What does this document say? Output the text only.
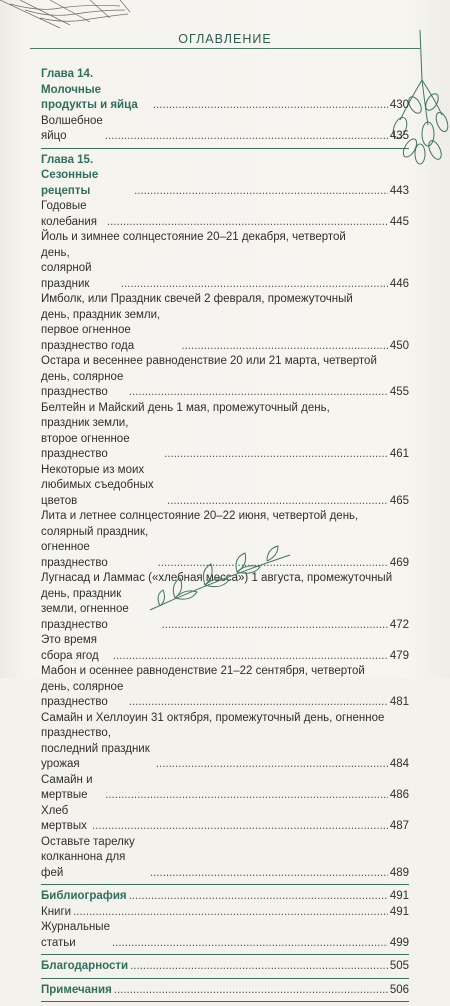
ОГЛАВЛЕНИЕ
Глава 14. Молочные продукты и яйца .....	430
Волшебное яйцо .....	435
Глава 15. Сезонные рецепты .....	443
Годовые колебания .....	445
Йоль и зимнее солнцестояние 20–21 декабря, четвертой
день, солярной праздник .....	446
Имболк, или Праздник свечей 2 февраля, промежуточный
день, праздник земли, первое огненное празднество года .....	450
Остара и весеннее равноденствие 20 или 21 марта, четвертой
день, солярное празднество .....	455
Белтейн и Майский день 1 мая, промежуточный день,
праздник земли, второе огненное празднество .....	461
Некоторые из моих любимых съедобных цветов .....	465
Лита и летнее солнцестояние 20–22 июня, четвертой день,
солярный праздник, огненное празднество .....	469
Лугнасад и Ламмас («хлебная месса») 1 августа, промежуточный
день, праздник земли, огненное празднество .....	472
Это время сбора ягод .....	479
Мабон и осеннее равноденствие 21–22 сентября, четвертой
день, солярное празднество .....	481
Самайн и Хеллоуин 31 октября, промежуточный день, огненное
празднество, последний праздник урожая .....	484
Самайн и мертвые .....	486
Хлеб мертвых .....	487
Оставьте тарелку колканнона для фей .....	489
Библиография .....	491
Книги .....	491
Журнальные статьи .....	499
Благодарности .....	505
Примечания .....	506
